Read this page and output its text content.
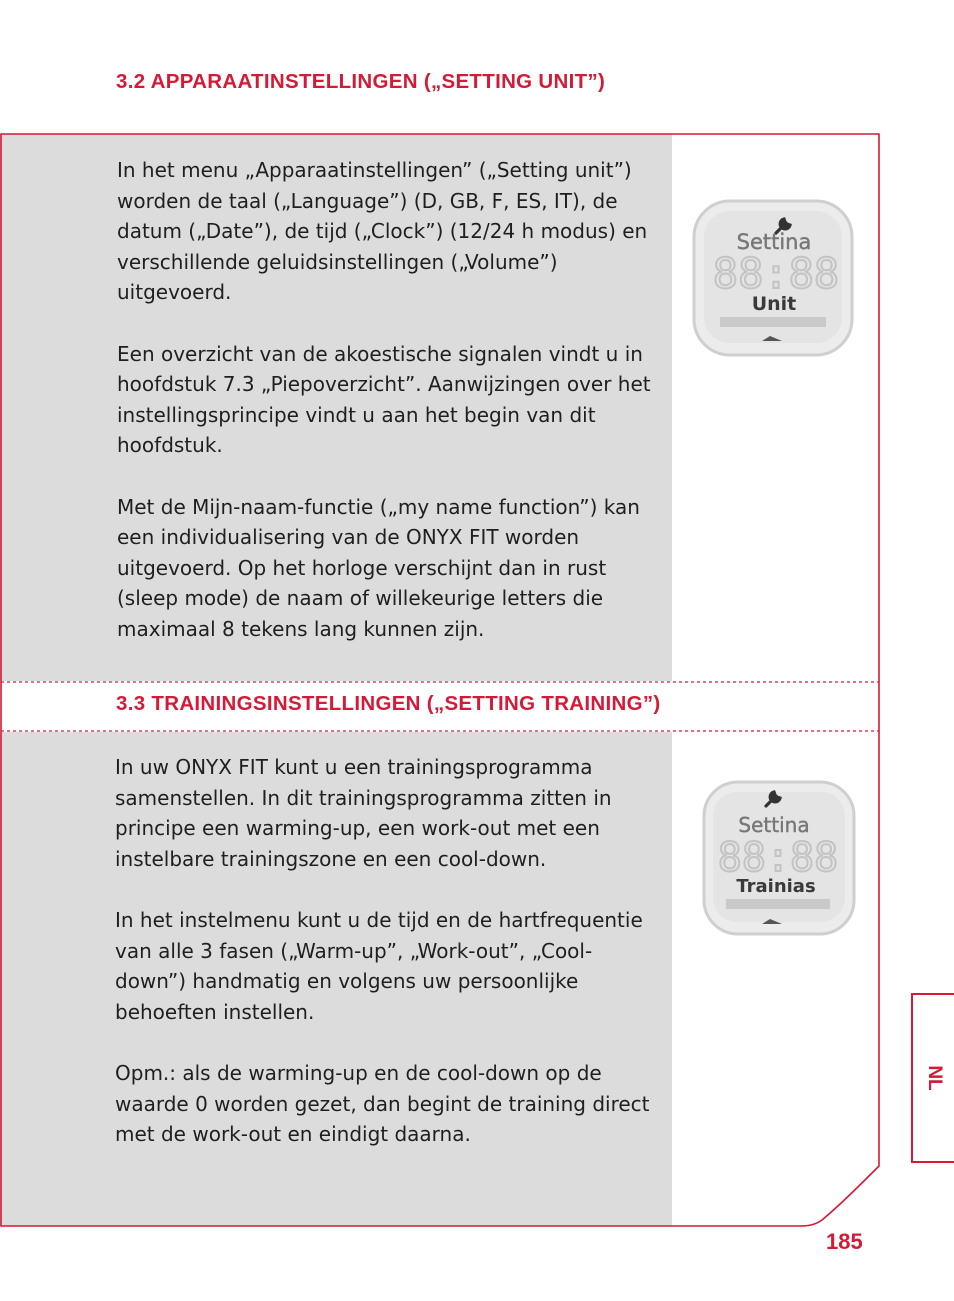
3.2 APPARAATINSTELLINGEN („SETTING UNIT”)

In het menu „Apparaatinstellingen” („Setting unit”) worden de taal („Language”) (D, GB, F, ES, IT), de datum („Date”), de tijd („Clock”) (12/24 h modus) en verschillende geluidsinstellingen („Volume”) uitgevoerd.

Een overzicht van de akoestische signalen vindt u in hoofdstuk 7.3 „Piepoverzicht”. Aanwijzingen over het instellingsprincipe vindt u aan het begin van dit hoofdstuk.

Met de Mijn-naam-functie („my name function”) kan een individualisering van de ONYX FIT worden uitgevoerd. Op het horloge verschijnt dan in rust (sleep mode) de naam of willekeurige letters die maximaal 8 tekens lang kunnen zijn.

Settina
88:88
Unit
3.3 TRAININGSINSTELLINGEN („SETTING TRAINING”)

In uw ONYX FIT kunt u een trainingsprogramma samenstellen. In dit trainingsprogramma zitten in principe een warming-up, een work-out met een instelbare trainingszone en een cool-down.

In het instelmenu kunt u de tijd en de hartfrequentie van alle 3 fasen („Warm-up”, „Work-out”, „Cool-down”) handmatig en volgens uw persoonlijke behoeften instellen.

Opm.: als de warming-up en de cool-down op de waarde 0 worden gezet, dan begint de training direct met de work-out en eindigt daarna.

Settina
88:88
Trainias
NL
185
